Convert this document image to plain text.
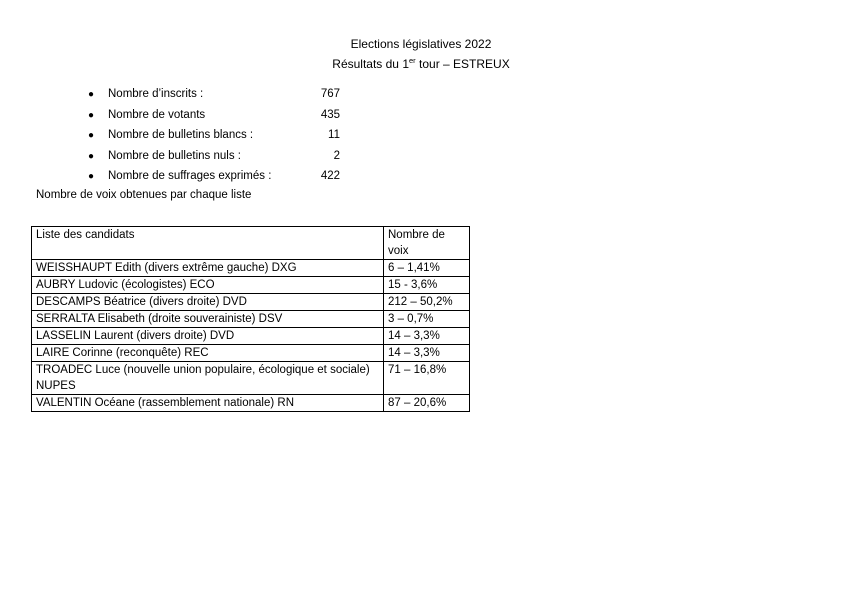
Elections législatives 2022
Résultats du 1er tour – ESTREUX
● Nombre d’inscrits :	767
● Nombre de votants	435
● Nombre de bulletins blancs :	11
● Nombre de bulletins nuls :	2
● Nombre de suffrages exprimés :	422
Nombre de voix obtenues par chaque liste
Liste des candidats	Nombre de voix
WEISSHAUPT Edith (divers extrême gauche) DXG	6 – 1,41%
AUBRY Ludovic (écologistes) ECO	15 - 3,6%
DESCAMPS Béatrice (divers droite) DVD	212 – 50,2%
SERRALTA Elisabeth (droite souverainiste) DSV	3 – 0,7%
LASSELIN Laurent (divers droite) DVD	14 – 3,3%
LAIRE Corinne (reconquête) REC	14 – 3,3%
TROADEC Luce (nouvelle union populaire, écologique et sociale) NUPES	71 – 16,8%
VALENTIN Océane (rassemblement nationale) RN	87 – 20,6%
